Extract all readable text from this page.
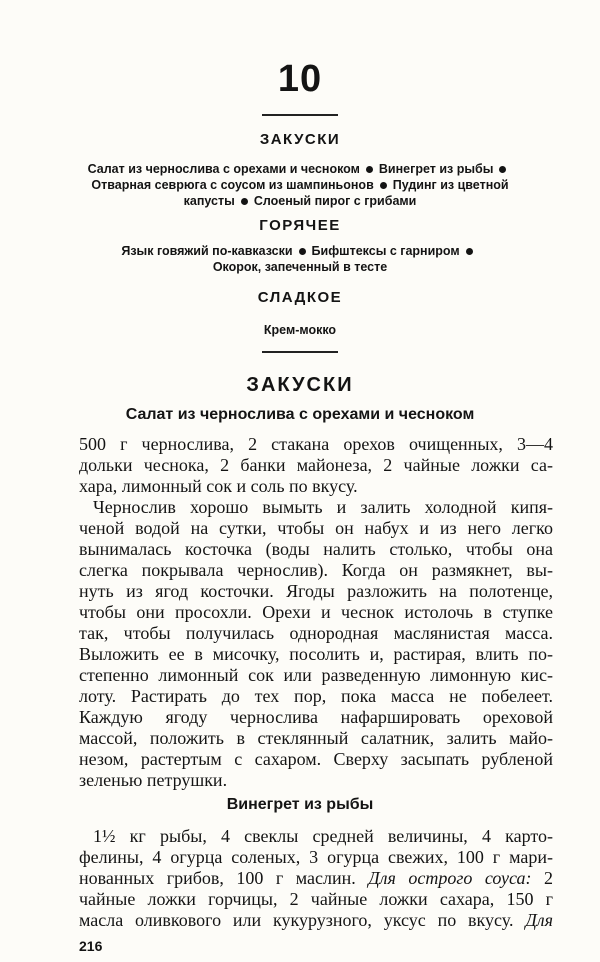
10
ЗАКУСКИ
Салат из чернослива с орехами и чесноком Винегрет из рыбы
Отварная севрюга с соусом из шампиньонов Пудинг из цветной
капусты Слоеный пирог с грибами
ГОРЯЧЕЕ
Язык говяжий по-кавказски Бифштексы с гарниром
Окорок, запеченный в тесте
СЛАДКОЕ
Крем-мокко
ЗАКУСКИ
Салат из чернослива с орехами и чесноком
500 г чернослива, 2 стакана орехов очищенных, 3—4
дольки чеснока, 2 банки майонеза, 2 чайные ложки са-
хара, лимонный сок и соль по вкусу.
Чернослив хорошо вымыть и залить холодной кипя-
ченой водой на сутки, чтобы он набух и из него легко
вынималась косточка (воды налить столько, чтобы она
слегка покрывала чернослив). Когда он размякнет, вы-
нуть из ягод косточки. Ягоды разложить на полотенце,
чтобы они просохли. Орехи и чеснок истолочь в ступке
так, чтобы получилась однородная маслянистая масса.
Выложить ее в мисочку, посолить и, растирая, влить по-
степенно лимонный сок или разведенную лимонную кис-
лоту. Растирать до тех пор, пока масса не побелеет.
Каждую ягоду чернослива нафаршировать ореховой
массой, положить в стеклянный салатник, залить майо-
незом, растертым с сахаром. Сверху засыпать рубленой
зеленью петрушки.
Винегрет из рыбы
1½ кг рыбы, 4 свеклы средней величины, 4 карто-
фелины, 4 огурца соленых, 3 огурца свежих, 100 г мари-
нованных грибов, 100 г маслин. Для острого соуса: 2
чайные ложки горчицы, 2 чайные ложки сахара, 150 г
масла оливкового или кукурузного, уксус по вкусу. Для
216
